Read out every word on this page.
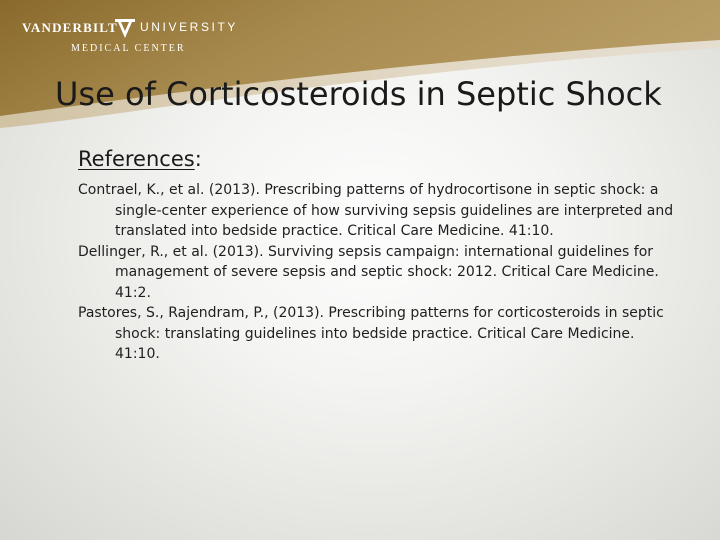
VANDERBILT UNIVERSITY
MEDICAL CENTER
Use of Corticosteroids in Septic Shock
References:
Contrael, K., et al. (2013). Prescribing patterns of hydrocortisone in septic shock: a single-center experience of how surviving sepsis guidelines are interpreted and translated into bedside practice. Critical Care Medicine. 41:10.
Dellinger, R., et al. (2013). Surviving sepsis campaign: international guidelines for management of severe sepsis and septic shock: 2012. Critical Care Medicine. 41:2.
Pastores, S., Rajendram, P., (2013). Prescribing patterns for corticosteroids in septic shock: translating guidelines into bedside practice. Critical Care Medicine. 41:10.
